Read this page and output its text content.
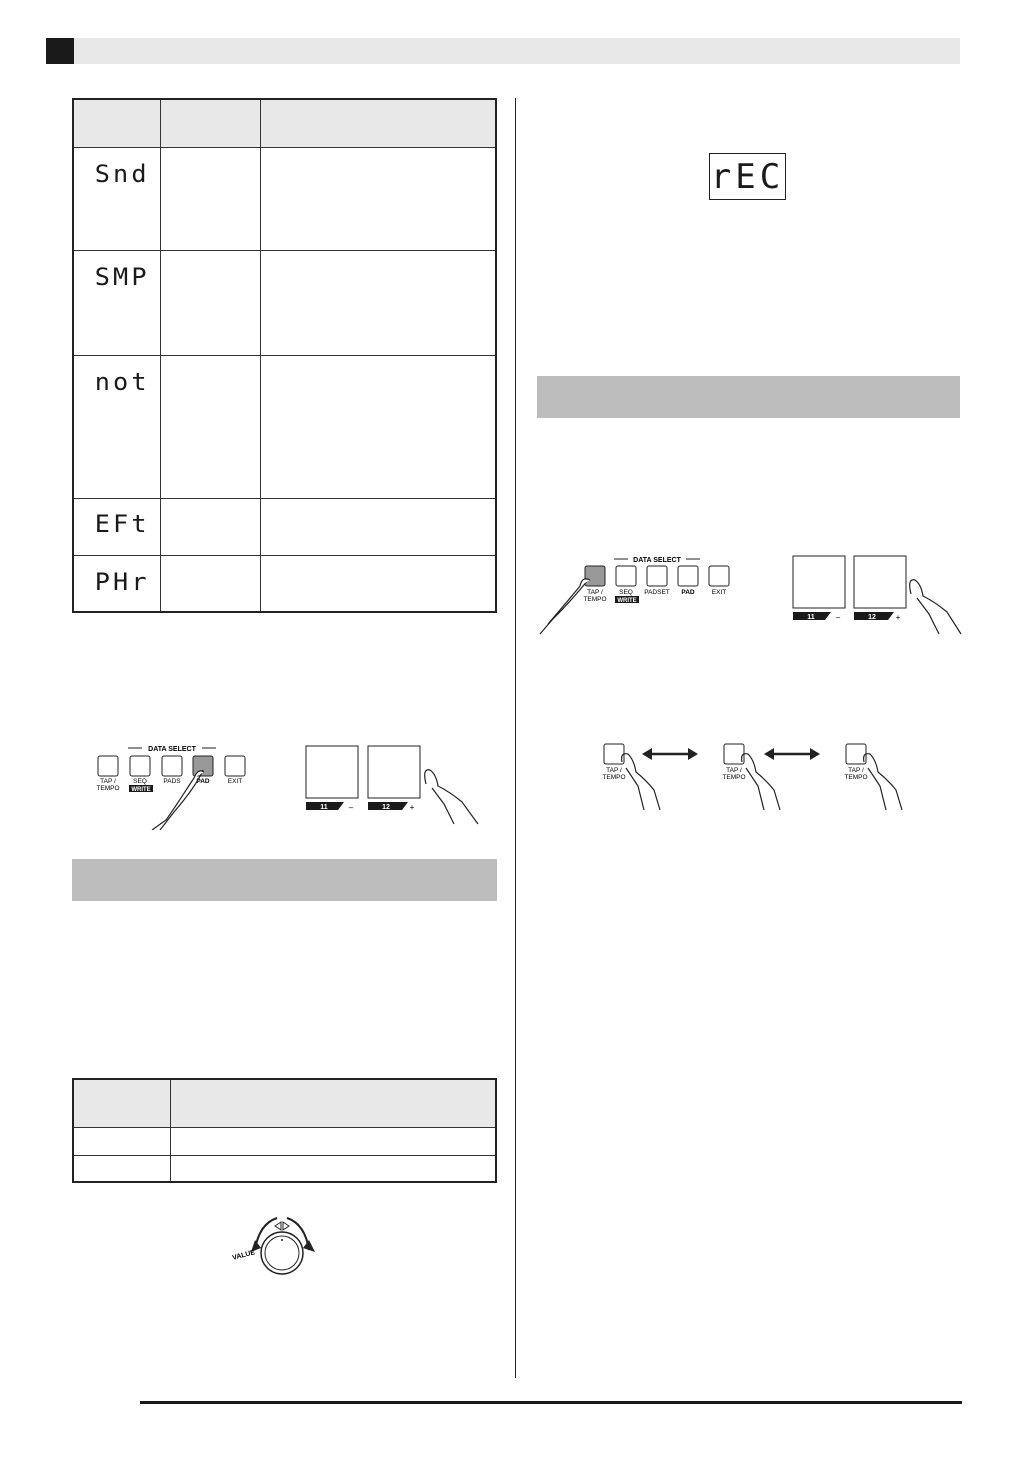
Snd
SMP
not
EFt
PHr
DATA SELECT
TAP /
TEMPO
SEQ
WRITE
PADS PAD	EXIT
11	12
–	+
VALUE
rEC
DATA SELECT
TAP /
TEMPO
SEQ
WRITE
PADSET PAD	EXIT
11	12
–	+
TAP /
TEMPO
TAP /
TEMPO
TAP /
TEMPO
